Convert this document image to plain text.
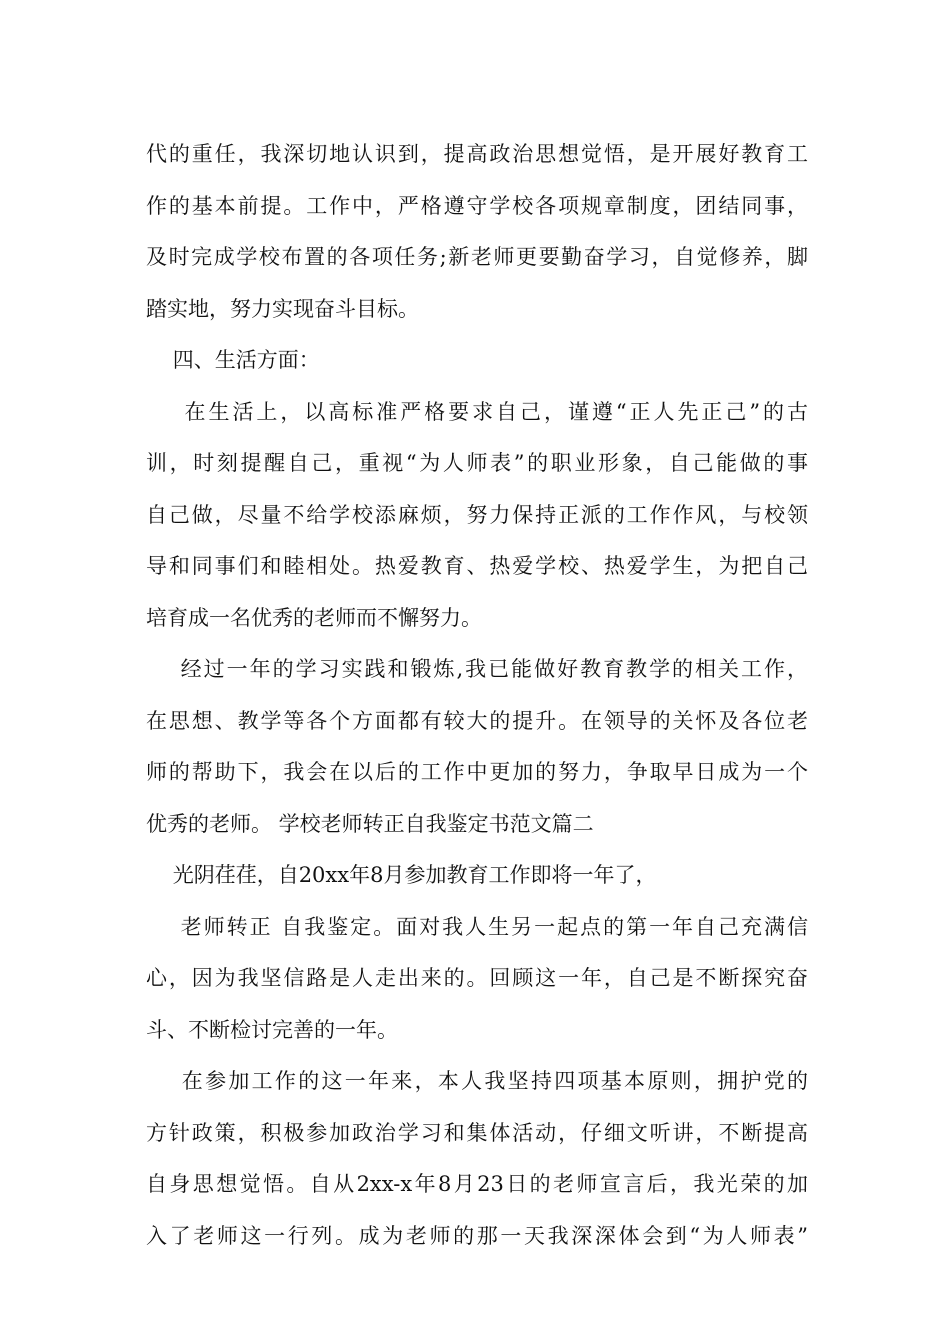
代的重任，我深切地认识到，提高政治思想觉悟，是开展好教育工
作的基本前提。工作中，严格遵守学校各项规章制度，团结同事，
及时完成学校布置的各项任务;新老师更要勤奋学习，自觉修养，脚
踏实地，努力实现奋斗目标。
四、生活方面：
在生活上，以高标准严格要求自己，谨遵“正人先正己”的古
训，时刻提醒自己，重视“为人师表”的职业形象，自己能做的事
自己做，尽量不给学校添麻烦，努力保持正派的工作作风，与校领
导和同事们和睦相处。热爱教育、热爱学校、热爱学生，为把自己
培育成一名优秀的老师而不懈努力。
经过一年的学习实践和锻炼,我已能做好教育教学的相关工作，
在思想、教学等各个方面都有较大的提升。在领导的关怀及各位老
师的帮助下，我会在以后的工作中更加的努力，争取早日成为一个
优秀的老师。 学校老师转正自我鉴定书范文篇二
光阴荏荏，自20xx年8月参加教育工作即将一年了，
老师转正 自我鉴定。面对我人生另一起点的第一年自己充满信
心，因为我坚信路是人走出来的。回顾这一年，自己是不断探究奋
斗、不断检讨完善的一年。
在参加工作的这一年来，本人我坚持四项基本原则，拥护党的
方针政策，积极参加政治学习和集体活动，仔细文听讲，不断提高
自身思想觉悟。自从2xx-x年8月23日的老师宣言后，我光荣的加
入了老师这一行列。成为老师的那一天我深深体会到“为人师表”
